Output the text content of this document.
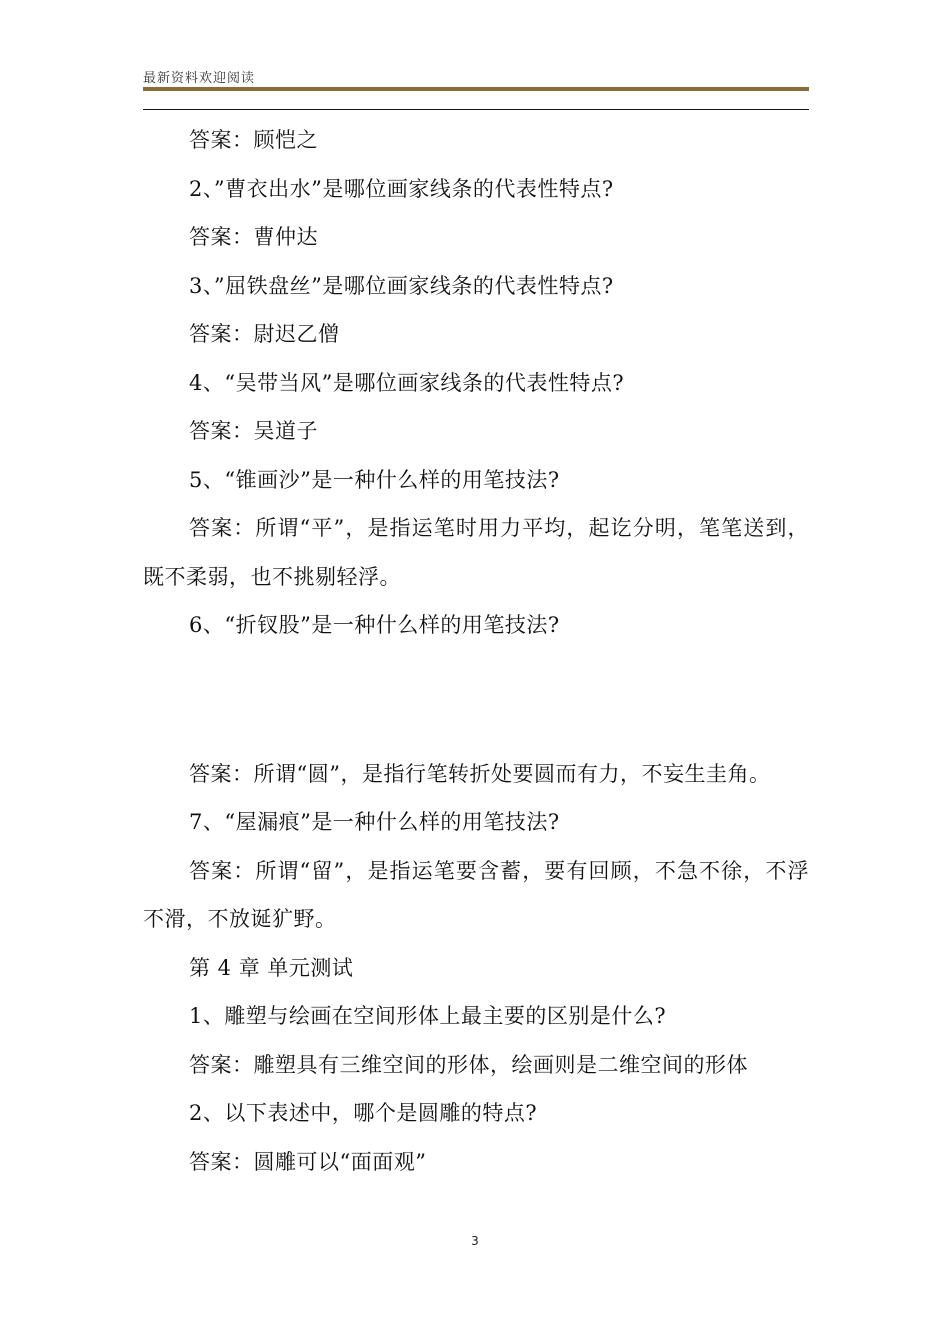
最新资料欢迎阅读

答案：顾恺之

2、”曹衣出水”是哪位画家线条的代表性特点?

答案：曹仲达

3、”屈铁盘丝”是哪位画家线条的代表性特点?

答案：尉迟乙僧

4、“吴带当风”是哪位画家线条的代表性特点?

答案：吴道子

5、“锥画沙”是一种什么样的用笔技法?

答案：所谓“平”，是指运笔时用力平均，起讫分明，笔笔送到，既不柔弱，也不挑剔轻浮。

6、“折钗股”是一种什么样的用笔技法?

答案：所谓“圆”，是指行笔转折处要圆而有力，不妄生圭角。

7、“屋漏痕”是一种什么样的用笔技法?

答案：所谓“留”，是指运笔要含蓄，要有回顾，不急不徐，不浮不滑，不放诞犷野。

第 4 章 单元测试

1、雕塑与绘画在空间形体上最主要的区别是什么?

答案：雕塑具有三维空间的形体，绘画则是二维空间的形体

2、以下表述中，哪个是圆雕的特点?

答案：圆雕可以“面面观”

3
